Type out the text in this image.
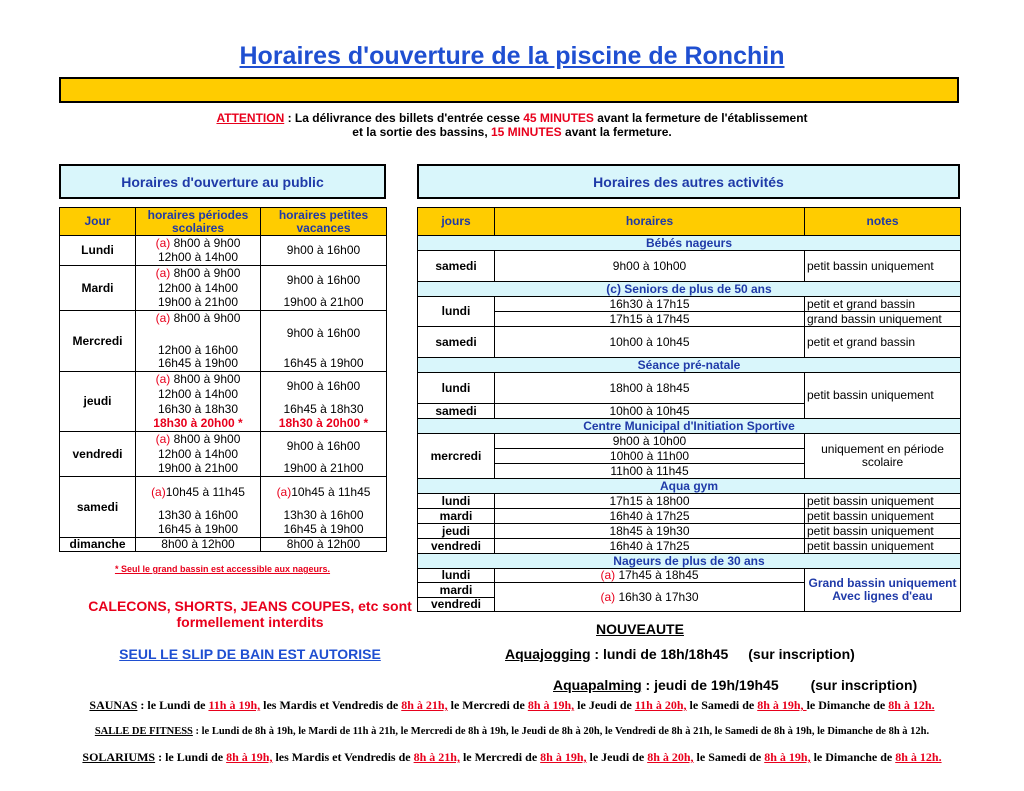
Horaires d'ouverture de la piscine de Ronchin
ATTENTION : La délivrance des billets d'entrée cesse 45 MINUTES avant la fermeture de l'établissement
et la sortie des bassins, 15 MINUTES avant la fermeture.
Horaires d'ouverture au public
Jour	horaires périodes scolaires	horaires petites vacances
Lundi	(a) 8h00 à 9h00	9h00 à 16h00
	12h00 à 14h00	
Mardi	(a) 8h00 à 9h00	9h00 à 16h00
	12h00 à 14h00	
	19h00 à 21h00	19h00 à 21h00
Mercredi	(a) 8h00 à 9h00	9h00 à 16h00
	12h00 à 16h00	
	16h45 à 19h00	16h45 à 19h00
jeudi	(a) 8h00 à 9h00	9h00 à 16h00
	12h00 à 14h00	
	16h30 à 18h30	16h45 à 18h30
	18h30 à 20h00 *	18h30 à 20h00 *
vendredi	(a) 8h00 à 9h00	9h00 à 16h00
	12h00 à 14h00	
	19h00 à 21h00	19h00 à 21h00
samedi	(a)10h45 à 11h45	(a)10h45 à 11h45
	13h30 à 16h00	13h30 à 16h00
	16h45 à 19h00	16h45 à 19h00
dimanche	8h00 à 12h00	8h00 à 12h00
* Seul le grand bassin est accessible aux nageurs.
Horaires des autres activités
jours	horaires	notes
Bébés nageurs		
samedi	9h00 à 10h00	petit bassin uniquement
(c) Seniors de plus de 50 ans		
lundi	16h30 à 17h15	petit et grand bassin
	17h15 à 17h45	grand bassin uniquement
samedi	10h00 à 10h45	petit et grand bassin
Séance pré-natale		
lundi	18h00 à 18h45	petit bassin uniquement
samedi	10h00 à 10h45	
Centre Municipal d'Initiation Sportive		
mercredi	9h00 à 10h00	uniquement en période
scolaire

	10h00 à 11h00	
	11h00 à 11h45	
Aqua gym		
lundi	17h15 à 18h00	petit bassin uniquement
mardi	16h40 à 17h25	petit bassin uniquement
jeudi	18h45 à 19h30	petit bassin uniquement
vendredi	16h40 à 17h25	petit bassin uniquement
Nageurs de plus de 30 ans		
lundi	(a) 17h45 à 18h45	Grand bassin uniquement
Avec lignes d'eau

mardi	(a) 16h30 à 17h30	
vendredi		
CALECONS, SHORTS, JEANS COUPES, etc sont
formellement interdits
SEUL LE SLIP DE BAIN EST AUTORISE
NOUVEAUTE
Aquajogging : lundi de 18h/18h45 (sur inscription)
Aquapalming : jeudi de 19h/19h45 (sur inscription)
SAUNAS : le Lundi de 11h à 19h, les Mardis et Vendredis de 8h à 21h, le Mercredi de 8h à 19h, le Jeudi de 11h à 20h, le Samedi de 8h à 19h, le Dimanche de 8h à 12h.
SALLE DE FITNESS : le Lundi de 8h à 19h, le Mardi de 11h à 21h, le Mercredi de 8h à 19h, le Jeudi de 8h à 20h, le Vendredi de 8h à 21h, le Samedi de 8h à 19h, le Dimanche de 8h à 12h.
SOLARIUMS : le Lundi de 8h à 19h, les Mardis et Vendredis de 8h à 21h, le Mercredi de 8h à 19h, le Jeudi de 8h à 20h, le Samedi de 8h à 19h, le Dimanche de 8h à 12h.
